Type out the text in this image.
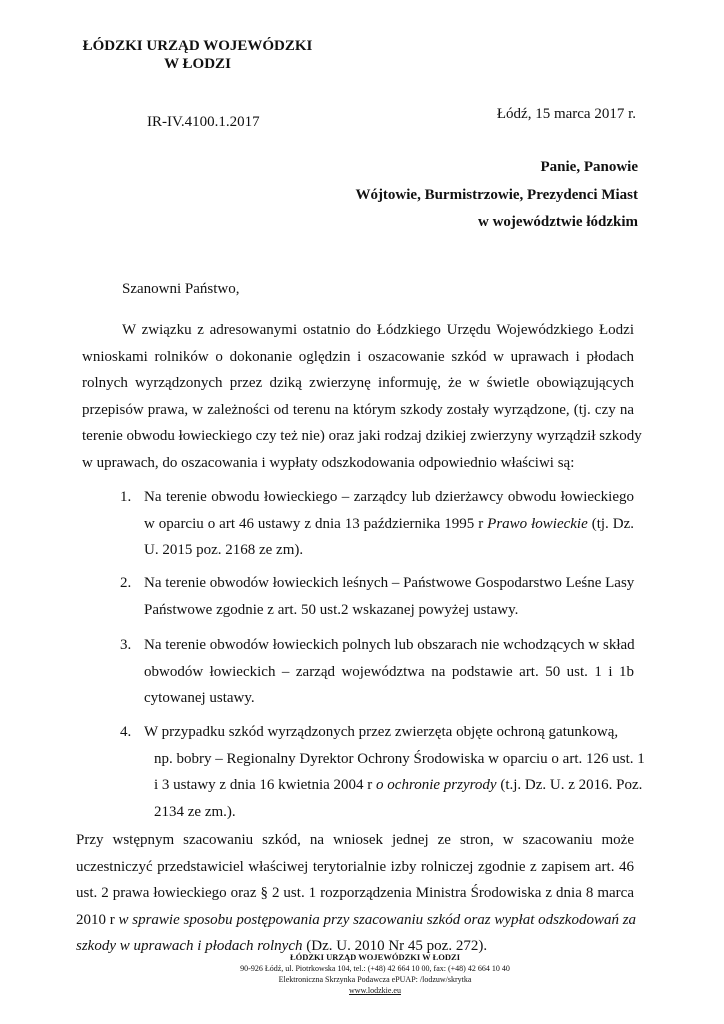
ŁÓDZKI URZĄD WOJEWÓDZKI
W ŁODZI
Łódź, 15 marca 2017 r.
IR-IV.4100.1.2017
Panie, Panowie
Wójtowie, Burmistrzowie, Prezydenci Miast
w województwie łódzkim
Szanowni Państwo,
W związku z adresowanymi ostatnio do Łódzkiego Urzędu Wojewódzkiego Łodzi
wnioskami rolników o dokonanie oględzin i oszacowanie szkód w uprawach i płodach
rolnych wyrządzonych przez dziką zwierzynę informuję, że w świetle obowiązujących
przepisów prawa, w zależności od terenu na którym szkody zostały wyrządzone, (tj. czy na
terenie obwodu łowieckiego czy też nie) oraz jaki rodzaj dzikiej zwierzyny wyrządził szkody
w uprawach, do oszacowania i wypłaty odszkodowania odpowiednio właściwi są:
1. Na terenie obwodu łowieckiego – zarządcy lub dzierżawcy obwodu łowieckiego
w oparciu o art 46 ustawy z dnia 13 października 1995 r Prawo łowieckie (tj. Dz.
U. 2015 poz. 2168 ze zm).
2. Na terenie obwodów łowieckich leśnych – Państwowe Gospodarstwo Leśne Lasy
Państwowe zgodnie z art. 50 ust.2 wskazanej powyżej ustawy.
3. Na terenie obwodów łowieckich polnych lub obszarach nie wchodzących w skład
obwodów łowieckich – zarząd województwa na podstawie art. 50 ust. 1 i 1b
cytowanej ustawy.
4. W przypadku szkód wyrządzonych przez zwierzęta objęte ochroną gatunkową,
np. bobry – Regionalny Dyrektor Ochrony Środowiska w oparciu o art. 126 ust. 1
i 3 ustawy z dnia 16 kwietnia 2004 r o ochronie przyrody (t.j. Dz. U. z 2016. Poz.
2134 ze zm.).
Przy wstępnym szacowaniu szkód, na wniosek jednej ze stron, w szacowaniu może
uczestniczyć przedstawiciel właściwej terytorialnie izby rolniczej zgodnie z zapisem art. 46
ust. 2 prawa łowieckiego oraz § 2 ust. 1 rozporządzenia Ministra Środowiska z dnia 8 marca
2010 r w sprawie sposobu postępowania przy szacowaniu szkód oraz wypłat odszkodowań za
szkody w uprawach i płodach rolnych (Dz. U. 2010 Nr 45 poz. 272).
ŁÓDZKI URZĄD WOJEWÓDZKI W ŁODZI
90-926 Łódź, ul. Piotrkowska 104, tel.: (+48) 42 664 10 00, fax: (+48) 42 664 10 40
Elektroniczna Skrzynka Podawcza ePUAP: /lodzuw/skrytka
www.lodzkie.eu
